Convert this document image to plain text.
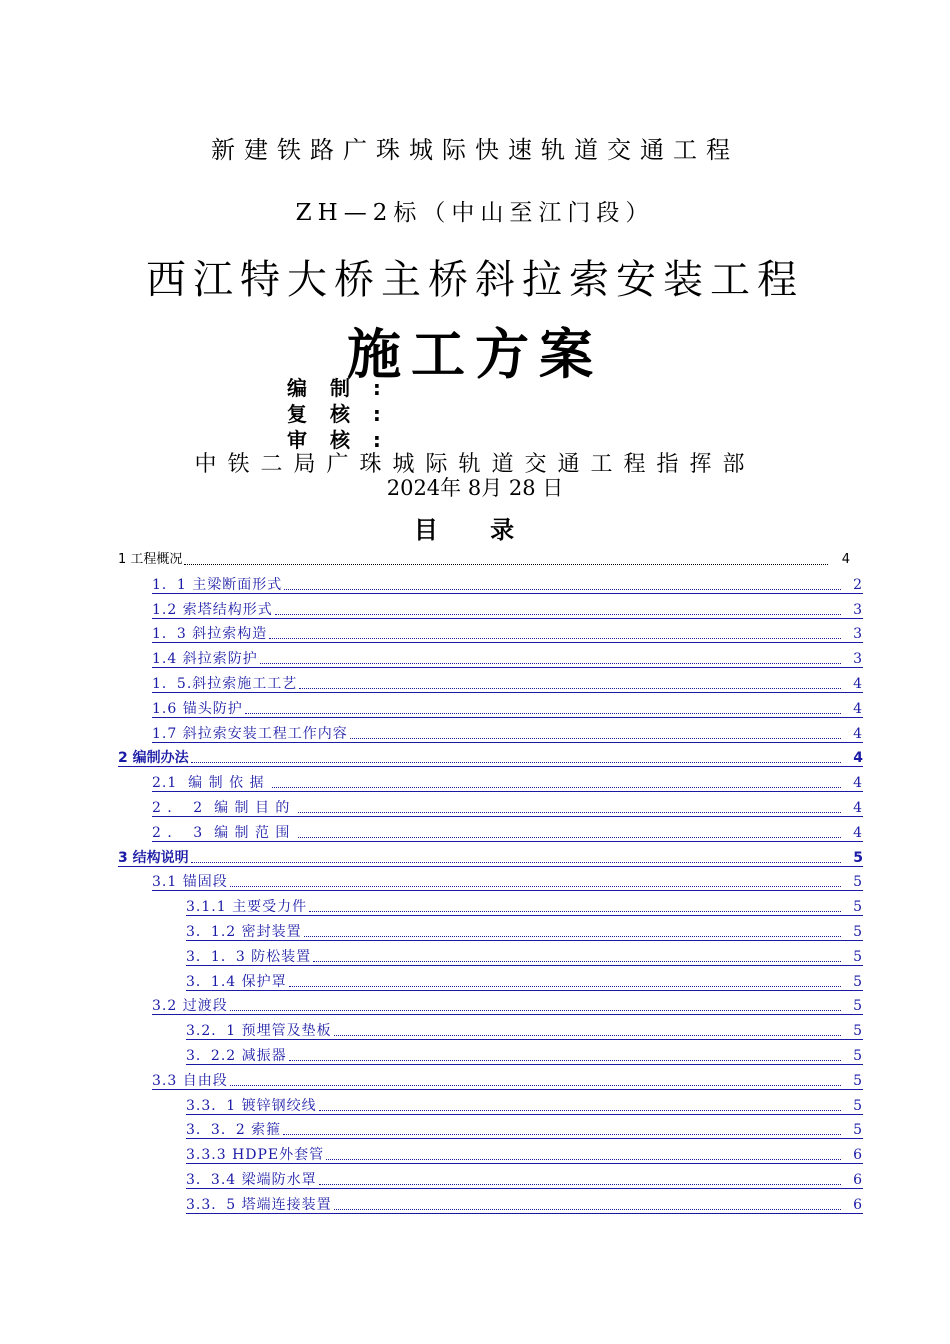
新建铁路广珠城际快速轨道交通工程
ZH—2标（中山至江门段）
西江特大桥主桥斜拉索安装工程
施工方案
编 制 :
复 核 :
审 核 :
中铁二局广珠城际轨道交通工程指挥部
2024年 8月 28 日
目 录
1 工程概况	4
1．1 主梁断面形式	2
1.2 索塔结构形式	3
1．3 斜拉索构造	3
1.4 斜拉索防护	3
1．5.斜拉索施工工艺	4
1.6 锚头防护	4
1.7 斜拉索安装工程工作内容	4
2 编制办法	4
2.1  编 制 依 据	4
2 ．  2  编 制 目 的	4
2 ．  3  编 制 范 围	4
3 结构说明	5
3.1 锚固段	5
3.1.1 主要受力件	5
3．1.2 密封装置	5
3．1．3 防松装置	5
3．1.4 保护罩	5
3.2 过渡段	5
3.2．1 预埋管及垫板	5
3．2.2 减振器	5
3.3 自由段	5
3.3．1 镀锌钢绞线	5
3．3．2 索箍	5
3.3.3 HDPE外套管	6
3．3.4 梁端防水罩	6
3.3．5 塔端连接装置	6
